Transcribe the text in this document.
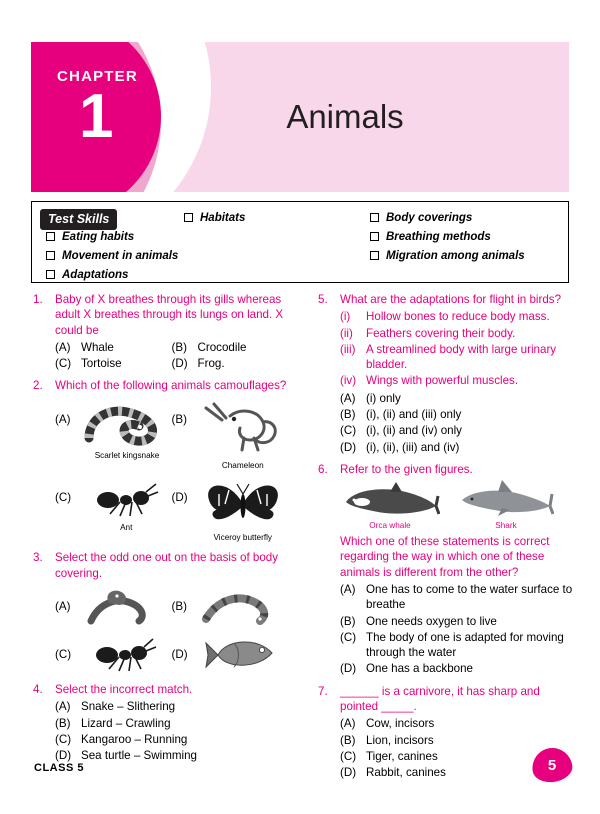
CHAPTER
1	Animals
Test Skills	Habitats	Body coverings
Eating habits	Breathing methods
Movement in animals	Migration among animals
Adaptations
1.	Baby of X breathes through its gills whereas adult X breathes through its lungs on land. X could be
(A) Whale	(B) Crocodile
(C) Tortoise	(D) Frog.
2.	Which of the following animals camouflages?
(A)
Scarlet kingsnake
(B)
Chameleon
(C)
Ant
(D)
Viceroy butterfly
3.	Select the odd one out on the basis of body covering.
(A)	(B)
(C)	(D)
4.	Select the incorrect match.
(A) Snake – Slithering
(B) Lizard – Crawling
(C) Kangaroo – Running
(D) Sea turtle – Swimming
5.	What are the adaptations for flight in birds?
(i)	Hollow bones to reduce body mass.
(ii)	Feathers covering their body.
(iii) A streamlined body with large urinary bladder.
(iv) Wings with powerful muscles.
(A) (i) only
(B) (i), (ii) and (iii) only
(C) (i), (ii) and (iv) only
(D) (i), (ii), (iii) and (iv)
6.	Refer to the given figures.
Orca whale	Shark
Which one of these statements is correct regarding the way in which one of these animals is different from the other?
(A) One has to come to the water surface to breathe
(B) One needs oxygen to live
(C) The body of one is adapted for moving through the water
(D) One has a backbone
7.	______ is a carnivore, it has sharp and pointed _____.
(A) Cow, incisors
(B) Lion, incisors
(C) Tiger, canines
(D) Rabbit, canines
CLASS 5	5
